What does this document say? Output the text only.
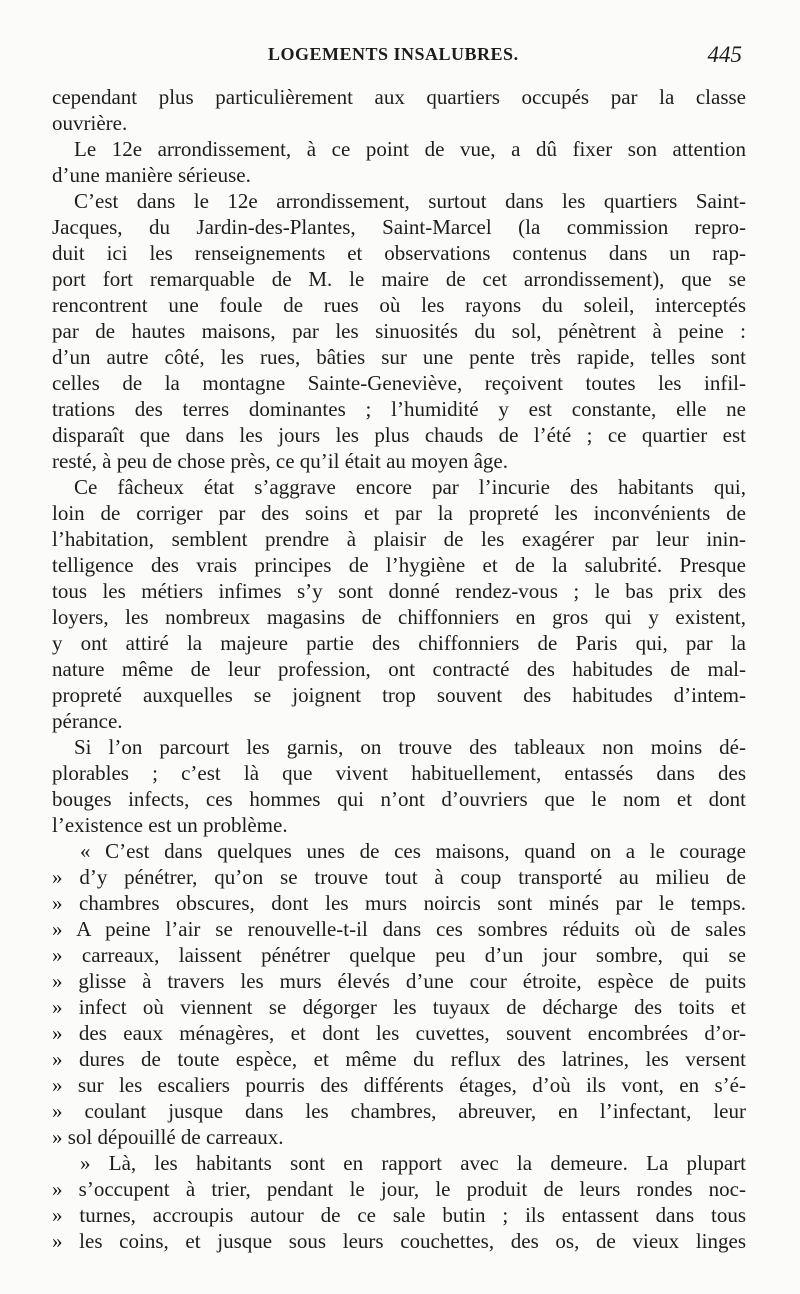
LOGEMENTS INSALUBRES.	445
cependant plus particulièrement aux quartiers occupés par la classe
ouvrière.
Le 12e arrondissement, à ce point de vue, a dû fixer son attention
d’une manière sérieuse.
C’est dans le 12e arrondissement, surtout dans les quartiers Saint-
Jacques, du Jardin-des-Plantes, Saint-Marcel (la commission repro-
duit ici les renseignements et observations contenus dans un rap-
port fort remarquable de M. le maire de cet arrondissement), que se
rencontrent une foule de rues où les rayons du soleil, interceptés
par de hautes maisons, par les sinuosités du sol, pénètrent à peine :
d’un autre côté, les rues, bâties sur une pente très rapide, telles sont
celles de la montagne Sainte-Geneviève, reçoivent toutes les infil-
trations des terres dominantes ; l’humidité y est constante, elle ne
disparaît que dans les jours les plus chauds de l’été ; ce quartier est
resté, à peu de chose près, ce qu’il était au moyen âge.
Ce fâcheux état s’aggrave encore par l’incurie des habitants qui,
loin de corriger par des soins et par la propreté les inconvénients de
l’habitation, semblent prendre à plaisir de les exagérer par leur inin-
telligence des vrais principes de l’hygiène et de la salubrité. Presque
tous les métiers infimes s’y sont donné rendez-vous ; le bas prix des
loyers, les nombreux magasins de chiffonniers en gros qui y existent,
y ont attiré la majeure partie des chiffonniers de Paris qui, par la
nature même de leur profession, ont contracté des habitudes de mal-
propreté auxquelles se joignent trop souvent des habitudes d’intem-
pérance.
Si l’on parcourt les garnis, on trouve des tableaux non moins dé-
plorables ; c’est là que vivent habituellement, entassés dans des
bouges infects, ces hommes qui n’ont d’ouvriers que le nom et dont
l’existence est un problème.
« C’est dans quelques unes de ces maisons, quand on a le courage
» d’y pénétrer, qu’on se trouve tout à coup transporté au milieu de
» chambres obscures, dont les murs noircis sont minés par le temps.
» A peine l’air se renouvelle-t-il dans ces sombres réduits où de sales
» carreaux, laissent pénétrer quelque peu d’un jour sombre, qui se
» glisse à travers les murs élevés d’une cour étroite, espèce de puits
» infect où viennent se dégorger les tuyaux de décharge des toits et
» des eaux ménagères, et dont les cuvettes, souvent encombrées d’or-
» dures de toute espèce, et même du reflux des latrines, les versent
» sur les escaliers pourris des différents étages, d’où ils vont, en s’é-
» coulant jusque dans les chambres, abreuver, en l’infectant, leur
» sol dépouillé de carreaux.
» Là, les habitants sont en rapport avec la demeure. La plupart
» s’occupent à trier, pendant le jour, le produit de leurs rondes noc-
» turnes, accroupis autour de ce sale butin ; ils entassent dans tous
» les coins, et jusque sous leurs couchettes, des os, de vieux linges
